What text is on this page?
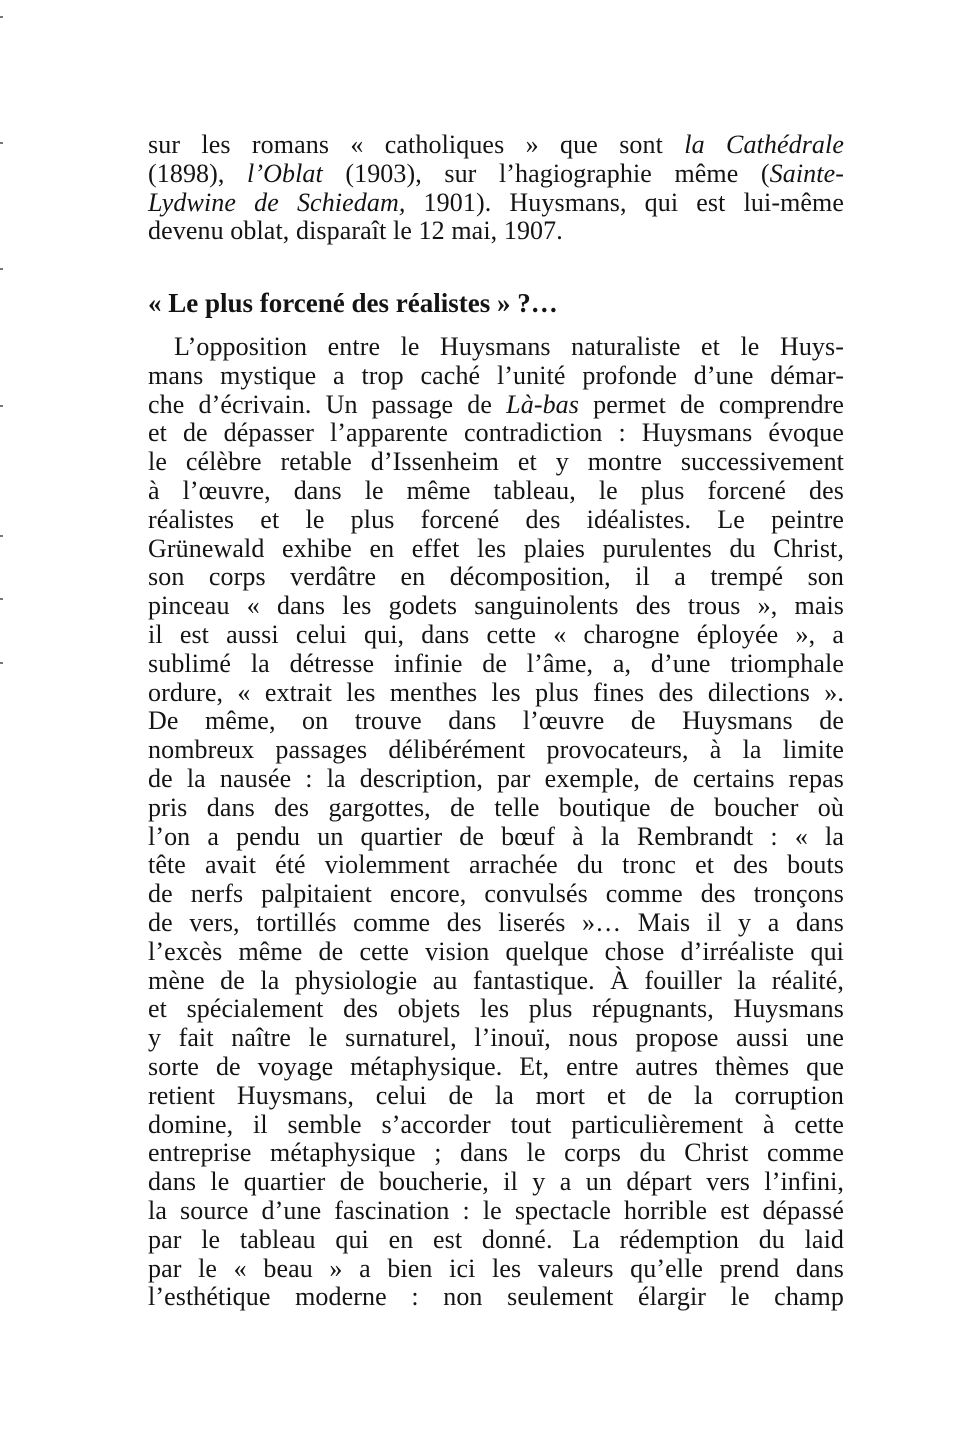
sur les romans « catholiques » que sont la Cathédrale
(1898), l’Oblat (1903), sur l’hagiographie même (Sainte-
Lydwine de Schiedam, 1901). Huysmans, qui est lui-même
devenu oblat, disparaît le 12 mai, 1907.
« Le plus forcené des réalistes » ?…
L’opposition entre le Huysmans naturaliste et le Huys-
mans mystique a trop caché l’unité profonde d’une démar-
che d’écrivain. Un passage de Là-bas permet de comprendre
et de dépasser l’apparente contradiction : Huysmans évoque
le célèbre retable d’Issenheim et y montre successivement
à l’œuvre, dans le même tableau, le plus forcené des
réalistes et le plus forcené des idéalistes. Le peintre
Grünewald exhibe en effet les plaies purulentes du Christ,
son corps verdâtre en décomposition, il a trempé son
pinceau « dans les godets sanguinolents des trous », mais
il est aussi celui qui, dans cette « charogne éployée », a
sublimé la détresse infinie de l’âme, a, d’une triomphale
ordure, « extrait les menthes les plus fines des dilections ».
De même, on trouve dans l’œuvre de Huysmans de
nombreux passages délibérément provocateurs, à la limite
de la nausée : la description, par exemple, de certains repas
pris dans des gargottes, de telle boutique de boucher où
l’on a pendu un quartier de bœuf à la Rembrandt : « la
tête avait été violemment arrachée du tronc et des bouts
de nerfs palpitaient encore, convulsés comme des tronçons
de vers, tortillés comme des liserés »… Mais il y a dans
l’excès même de cette vision quelque chose d’irréaliste qui
mène de la physiologie au fantastique. À fouiller la réalité,
et spécialement des objets les plus répugnants, Huysmans
y fait naître le surnaturel, l’inouï, nous propose aussi une
sorte de voyage métaphysique. Et, entre autres thèmes que
retient Huysmans, celui de la mort et de la corruption
domine, il semble s’accorder tout particulièrement à cette
entreprise métaphysique ; dans le corps du Christ comme
dans le quartier de boucherie, il y a un départ vers l’infini,
la source d’une fascination : le spectacle horrible est dépassé
par le tableau qui en est donné. La rédemption du laid
par le « beau » a bien ici les valeurs qu’elle prend dans
l’esthétique moderne : non seulement élargir le champ
